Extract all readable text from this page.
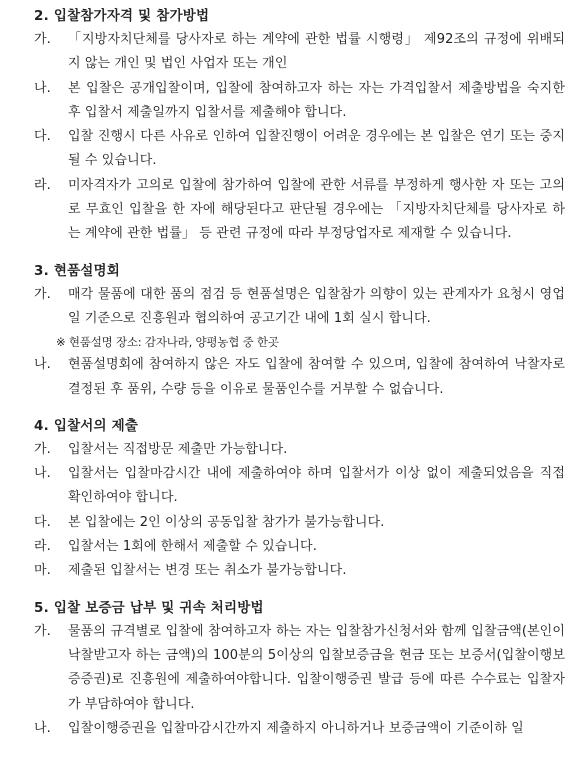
2. 입찰참가자격 및 참가방법
가.	「지방자치단체를 당사자로 하는 계약에 관한 법률 시행령」 제92조의 규정에 위배되지 않는 개인 및 법인 사업자 또는 개인
나.	본 입찰은 공개입찰이며, 입찰에 참여하고자 하는 자는 가격입찰서 제출방법을 숙지한 후 입찰서 제출일까지 입찰서를 제출해야 합니다.
다.	입찰 진행시 다른 사유로 인하여 입찰진행이 어려운 경우에는 본 입찰은 연기 또는 중지될 수 있습니다.
라.	미자격자가 고의로 입찰에 참가하여 입찰에 관한 서류를 부정하게 행사한 자 또는 고의로 무효인 입찰을 한 자에 해당된다고 판단될 경우에는 「지방자치단체를 당사자로 하는 계약에 관한 법률」 등 관련 규정에 따라 부정당업자로 제재할 수 있습니다.
3. 현품설명회
가.	매각 물품에 대한 품의 점검 등 현품설명은 입찰참가 의향이 있는 관계자가 요청시 영업일 기준으로 진흥원과 협의하여 공고기간 내에 1회 실시 합니다.
※ 현품설명 장소: 감자나라, 양평농협 중 한곳
나.	현품설명회에 참여하지 않은 자도 입찰에 참여할 수 있으며, 입찰에 참여하여 낙찰자로 결정된 후 품위, 수량 등을 이유로 물품인수를 거부할 수 없습니다.
4. 입찰서의 제출
가.	입찰서는 직접방문 제출만 가능합니다.
나.	입찰서는 입찰마감시간 내에 제출하여야 하며 입찰서가 이상 없이 제출되었음을 직접 확인하여야 합니다.
다.	본 입찰에는 2인 이상의 공동입찰 참가가 불가능합니다.
라.	입찰서는 1회에 한해서 제출할 수 있습니다.
마.	제출된 입찰서는 변경 또는 취소가 불가능합니다.
5. 입찰 보증금 납부 및 귀속 처리방법
가.	물품의 규격별로 입찰에 참여하고자 하는 자는 입찰참가신청서와 함께 입찰금액(본인이 낙찰받고자 하는 금액)의 100분의 5이상의 입찰보증금을 현금 또는 보증서(입찰이행보증증권)로 진흥원에 제출하여야합니다. 입찰이행증권 발급 등에 따른 수수료는 입찰자가 부담하여야 합니다.
나.	입찰이행증권을 입찰마감시간까지 제출하지 아니하거나 보증금액이 기준이하 일
